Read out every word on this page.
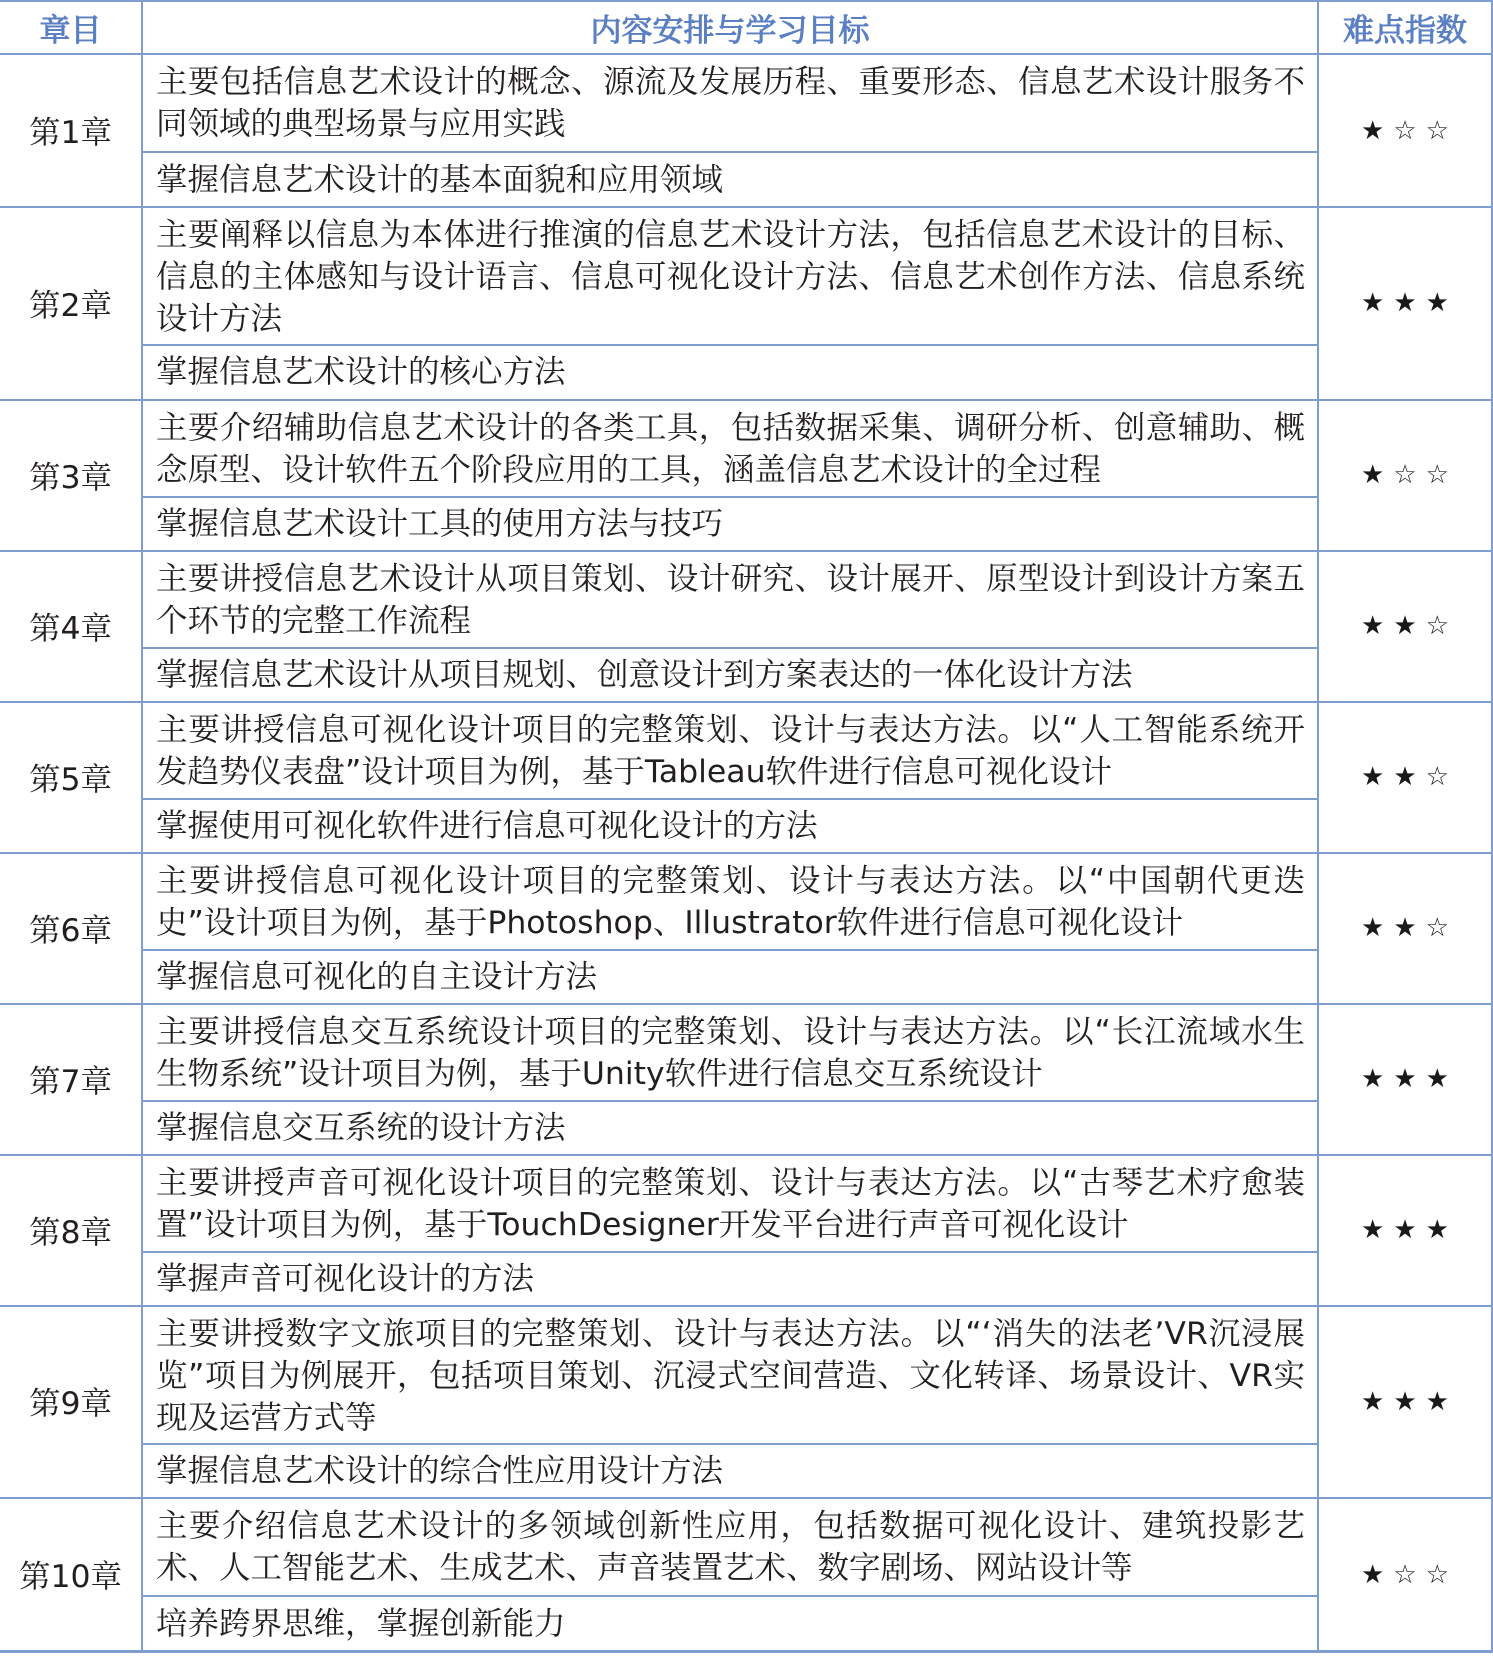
章目	内容安排与学习目标	难点指数
第1章
主要包括信息艺术设计的概念、源流及发展历程、重要形态、信息艺术设计服务不同领域的典型场景与应用实践
掌握信息艺术设计的基本面貌和应用领域
★☆☆
第2章
主要阐释以信息为本体进行推演的信息艺术设计方法，包括信息艺术设计的目标、信息的主体感知与设计语言、信息可视化设计方法、信息艺术创作方法、信息系统设计方法
掌握信息艺术设计的核心方法
★★★
第3章
主要介绍辅助信息艺术设计的各类工具，包括数据采集、调研分析、创意辅助、概念原型、设计软件五个阶段应用的工具，涵盖信息艺术设计的全过程
掌握信息艺术设计工具的使用方法与技巧
★☆☆
第4章
主要讲授信息艺术设计从项目策划、设计研究、设计展开、原型设计到设计方案五个环节的完整工作流程
掌握信息艺术设计从项目规划、创意设计到方案表达的一体化设计方法
★★☆
第5章
主要讲授信息可视化设计项目的完整策划、设计与表达方法。以“人工智能系统开发趋势仪表盘”设计项目为例，基于Tableau软件进行信息可视化设计
掌握使用可视化软件进行信息可视化设计的方法
★★☆
第6章
主要讲授信息可视化设计项目的完整策划、设计与表达方法。以“中国朝代更迭史”设计项目为例，基于Photoshop、Illustrator软件进行信息可视化设计
掌握信息可视化的自主设计方法
★★☆
第7章
主要讲授信息交互系统设计项目的完整策划、设计与表达方法。以“长江流域水生生物系统”设计项目为例，基于Unity软件进行信息交互系统设计
掌握信息交互系统的设计方法
★★★
第8章
主要讲授声音可视化设计项目的完整策划、设计与表达方法。以“古琴艺术疗愈装置”设计项目为例，基于TouchDesigner开发平台进行声音可视化设计
掌握声音可视化设计的方法
★★★
第9章
主要讲授数字文旅项目的完整策划、设计与表达方法。以“‘消失的法老’VR沉浸展览”项目为例展开，包括项目策划、沉浸式空间营造、文化转译、场景设计、VR实现及运营方式等
掌握信息艺术设计的综合性应用设计方法
★★★
第10章
主要介绍信息艺术设计的多领域创新性应用，包括数据可视化设计、建筑投影艺术、人工智能艺术、生成艺术、声音装置艺术、数字剧场、网站设计等
培养跨界思维，掌握创新能力
★☆☆
